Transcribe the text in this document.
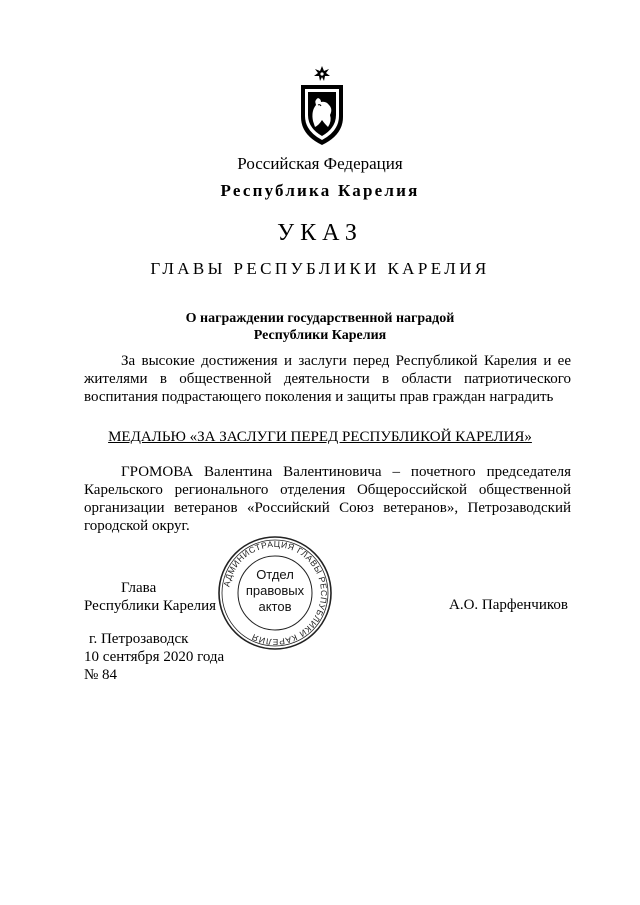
Российская Федерация
Республика Карелия
УКАЗ
ГЛАВЫ РЕСПУБЛИКИ КАРЕЛИЯ
О награждении государственной наградой
Республики Карелия
За высокие достижения и заслуги перед Республикой Карелия и ее жителями в общественной деятельности в области патриотического воспитания подрастающего поколения и защиты прав граждан наградить
МЕДАЛЬЮ «ЗА ЗАСЛУГИ ПЕРЕД РЕСПУБЛИКОЙ КАРЕЛИЯ»
ГРОМОВА Валентина Валентиновича – почетного председателя Карельского регионального отделения Общероссийской общественной организации ветеранов «Российский Союз ветеранов», Петрозаводский городской округ.
АДМИНИСТРАЦИЯ ГЛАВЫ РЕСПУБЛИКИ КАРЕЛИЯ
Отдел
правовых
актов
Глава
Республики Карелия	А.О. Парфенчиков
г. Петрозаводск
10 сентября 2020 года
№ 84
